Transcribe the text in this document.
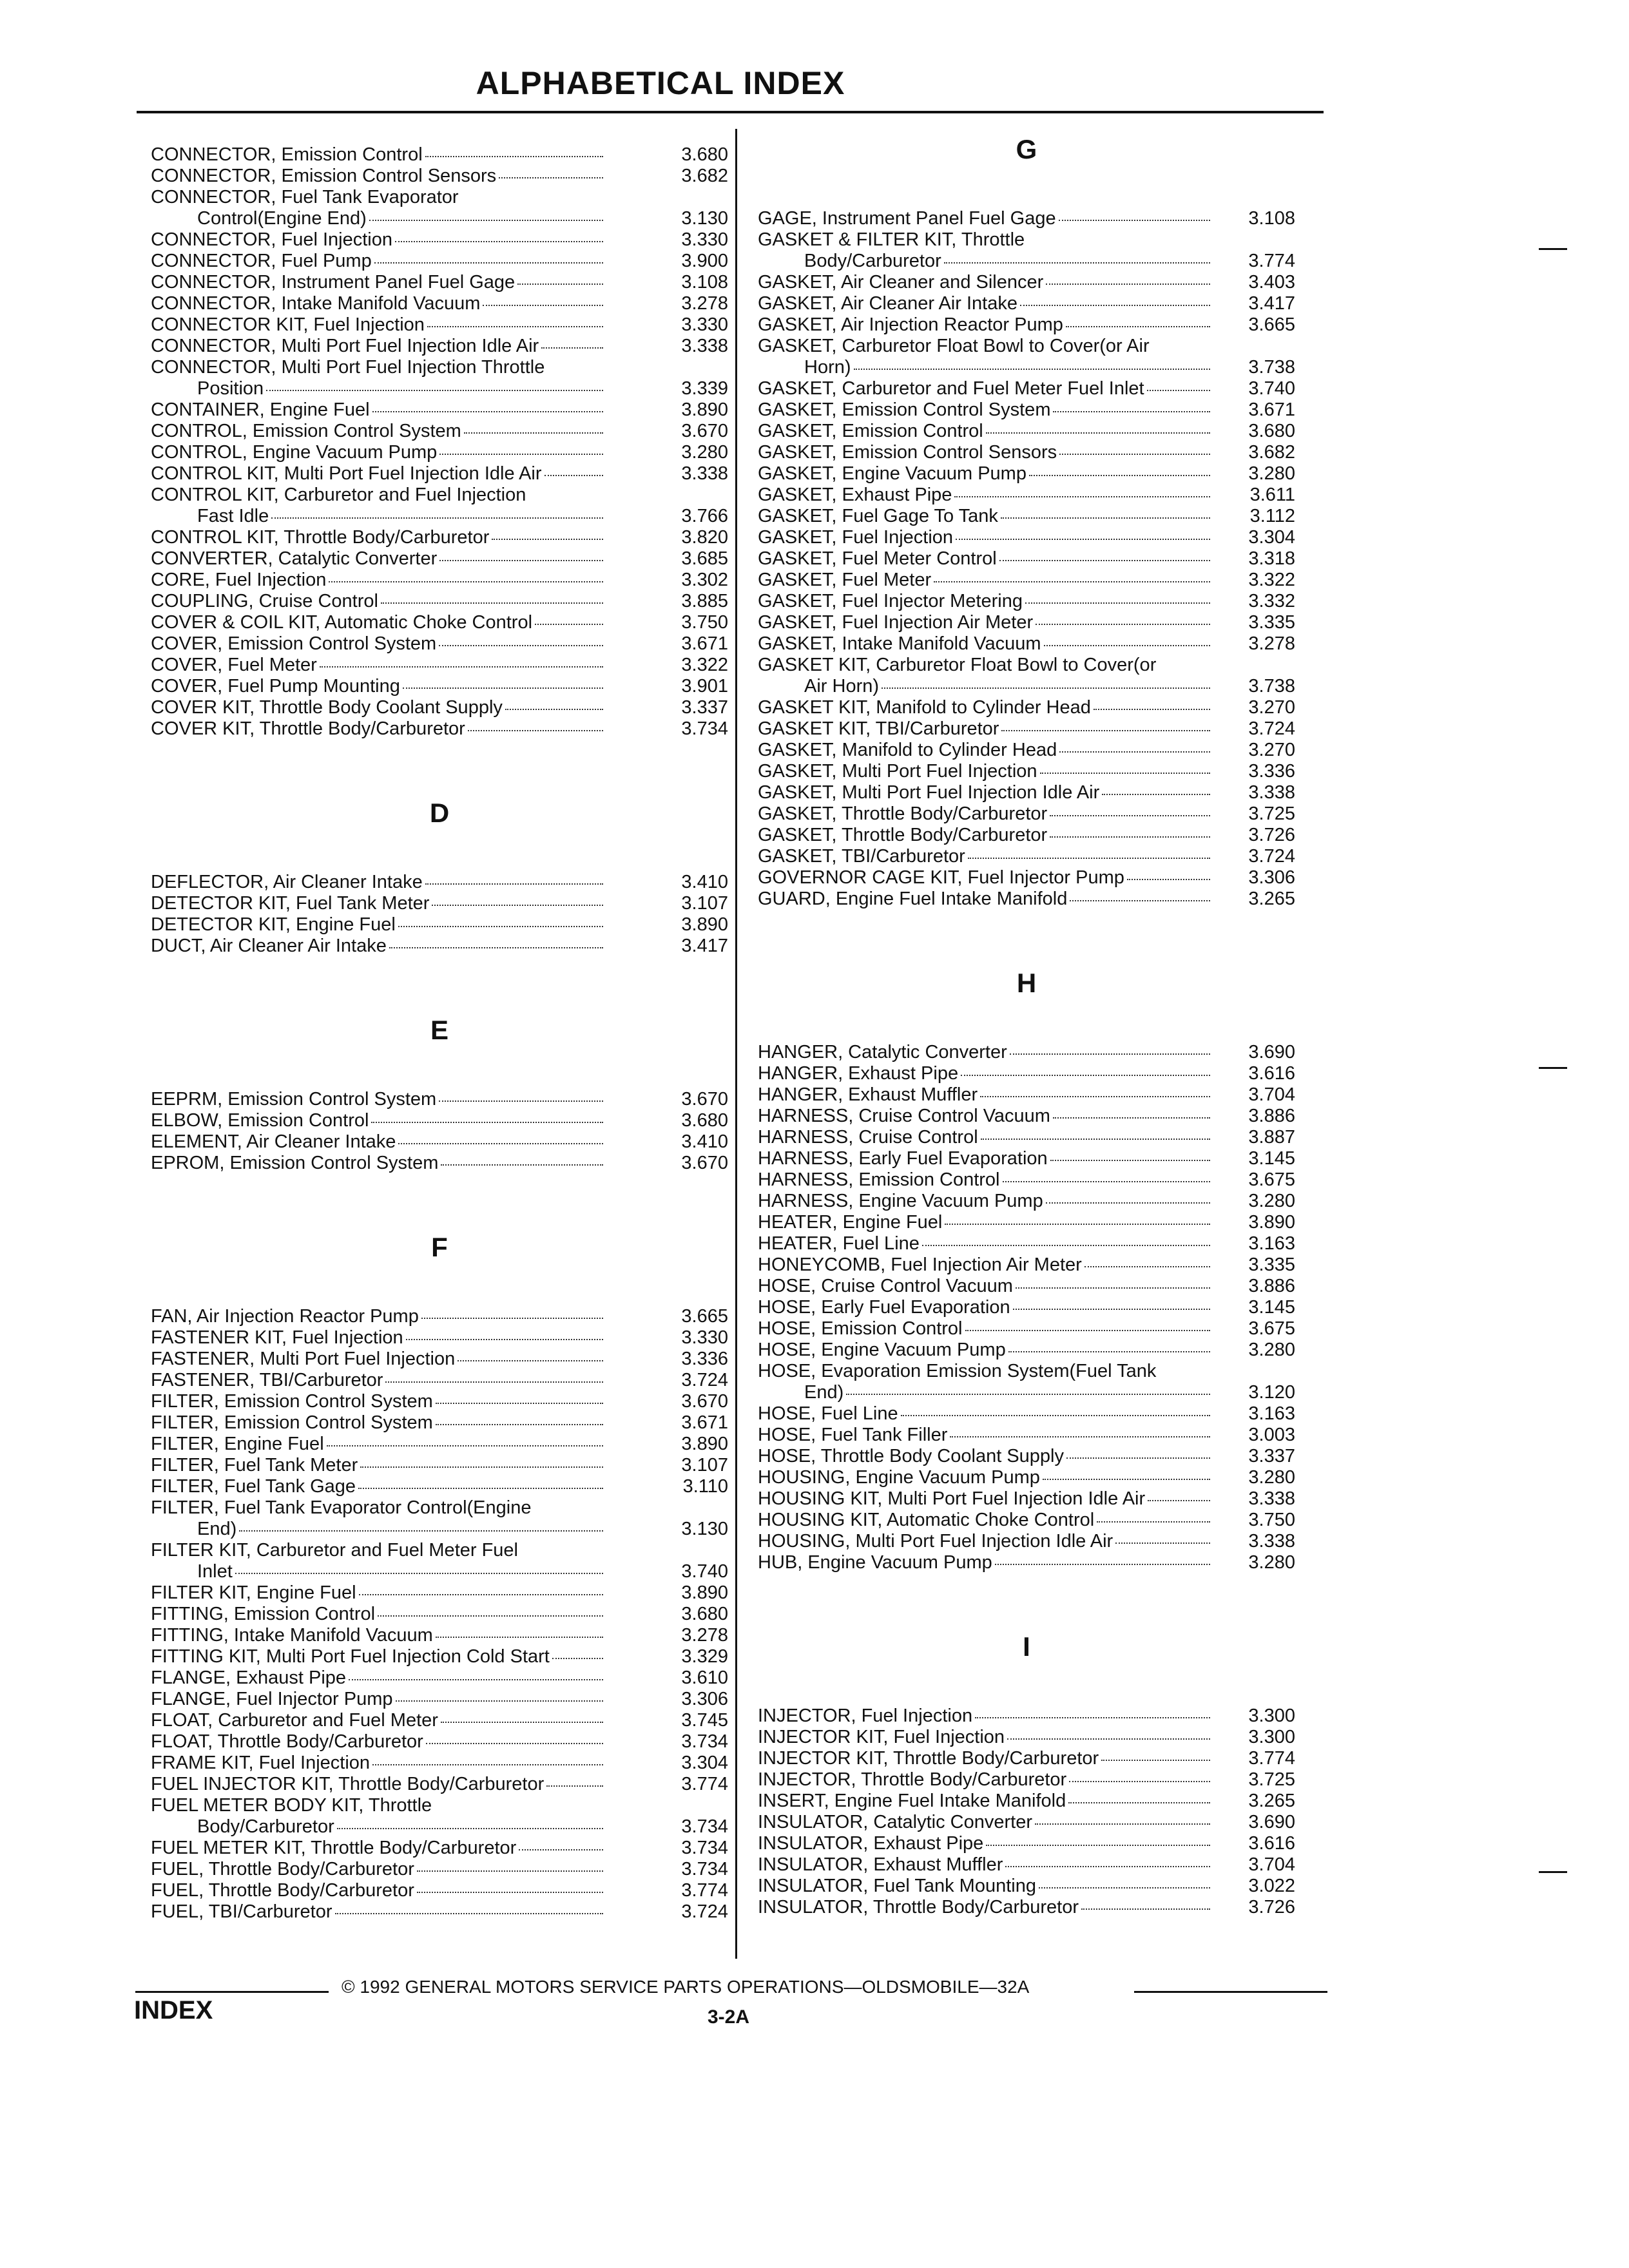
ALPHABETICAL INDEX
CONNECTOR, Emission Control	3.680
CONNECTOR, Emission Control Sensors	3.682
CONNECTOR, Fuel Tank Evaporator
Control(Engine End)	3.130
CONNECTOR, Fuel Injection	3.330
CONNECTOR, Fuel Pump	3.900
CONNECTOR, Instrument Panel Fuel Gage	3.108
CONNECTOR, Intake Manifold Vacuum	3.278
CONNECTOR KIT, Fuel Injection	3.330
CONNECTOR, Multi Port Fuel Injection Idle Air	3.338
CONNECTOR, Multi Port Fuel Injection Throttle
Position	3.339
CONTAINER, Engine Fuel	3.890
CONTROL, Emission Control System	3.670
CONTROL, Engine Vacuum Pump	3.280
CONTROL KIT, Multi Port Fuel Injection Idle Air	3.338
CONTROL KIT, Carburetor and Fuel Injection
Fast Idle	3.766
CONTROL KIT, Throttle Body/Carburetor	3.820
CONVERTER, Catalytic Converter	3.685
CORE, Fuel Injection	3.302
COUPLING, Cruise Control	3.885
COVER & COIL KIT, Automatic Choke Control	3.750
COVER, Emission Control System	3.671
COVER, Fuel Meter	3.322
COVER, Fuel Pump Mounting	3.901
COVER KIT, Throttle Body Coolant Supply	3.337
COVER KIT, Throttle Body/Carburetor	3.734
D
DEFLECTOR, Air Cleaner Intake	3.410
DETECTOR KIT, Fuel Tank Meter	3.107
DETECTOR KIT, Engine Fuel	3.890
DUCT, Air Cleaner Air Intake	3.417
E
EEPRM, Emission Control System	3.670
ELBOW, Emission Control	3.680
ELEMENT, Air Cleaner Intake	3.410
EPROM, Emission Control System	3.670
F
FAN, Air Injection Reactor Pump	3.665
FASTENER KIT, Fuel Injection	3.330
FASTENER, Multi Port Fuel Injection	3.336
FASTENER, TBI/Carburetor	3.724
FILTER, Emission Control System	3.670
FILTER, Emission Control System	3.671
FILTER, Engine Fuel	3.890
FILTER, Fuel Tank Meter	3.107
FILTER, Fuel Tank Gage	3.110
FILTER, Fuel Tank Evaporator Control(Engine
End)	3.130
FILTER KIT, Carburetor and Fuel Meter Fuel
Inlet	3.740
FILTER KIT, Engine Fuel	3.890
FITTING, Emission Control	3.680
FITTING, Intake Manifold Vacuum	3.278
FITTING KIT, Multi Port Fuel Injection Cold Start	3.329
FLANGE, Exhaust Pipe	3.610
FLANGE, Fuel Injector Pump	3.306
FLOAT, Carburetor and Fuel Meter	3.745
FLOAT, Throttle Body/Carburetor	3.734
FRAME KIT, Fuel Injection	3.304
FUEL INJECTOR KIT, Throttle Body/Carburetor	3.774
FUEL METER BODY KIT, Throttle
Body/Carburetor	3.734
FUEL METER KIT, Throttle Body/Carburetor	3.734
FUEL, Throttle Body/Carburetor	3.734
FUEL, Throttle Body/Carburetor	3.774
FUEL, TBI/Carburetor	3.724
G
GAGE, Instrument Panel Fuel Gage	3.108
GASKET & FILTER KIT, Throttle
Body/Carburetor	3.774
GASKET, Air Cleaner and Silencer	3.403
GASKET, Air Cleaner Air Intake	3.417
GASKET, Air Injection Reactor Pump	3.665
GASKET, Carburetor Float Bowl to Cover(or Air
Horn)	3.738
GASKET, Carburetor and Fuel Meter Fuel Inlet	3.740
GASKET, Emission Control System	3.671
GASKET, Emission Control	3.680
GASKET, Emission Control Sensors	3.682
GASKET, Engine Vacuum Pump	3.280
GASKET, Exhaust Pipe	3.611
GASKET, Fuel Gage To Tank	3.112
GASKET, Fuel Injection	3.304
GASKET, Fuel Meter Control	3.318
GASKET, Fuel Meter	3.322
GASKET, Fuel Injector Metering	3.332
GASKET, Fuel Injection Air Meter	3.335
GASKET, Intake Manifold Vacuum	3.278
GASKET KIT, Carburetor Float Bowl to Cover(or
Air Horn)	3.738
GASKET KIT, Manifold to Cylinder Head	3.270
GASKET KIT, TBI/Carburetor	3.724
GASKET, Manifold to Cylinder Head	3.270
GASKET, Multi Port Fuel Injection	3.336
GASKET, Multi Port Fuel Injection Idle Air	3.338
GASKET, Throttle Body/Carburetor	3.725
GASKET, Throttle Body/Carburetor	3.726
GASKET, TBI/Carburetor	3.724
GOVERNOR CAGE KIT, Fuel Injector Pump	3.306
GUARD, Engine Fuel Intake Manifold	3.265
H
HANGER, Catalytic Converter	3.690
HANGER, Exhaust Pipe	3.616
HANGER, Exhaust Muffler	3.704
HARNESS, Cruise Control Vacuum	3.886
HARNESS, Cruise Control	3.887
HARNESS, Early Fuel Evaporation	3.145
HARNESS, Emission Control	3.675
HARNESS, Engine Vacuum Pump	3.280
HEATER, Engine Fuel	3.890
HEATER, Fuel Line	3.163
HONEYCOMB, Fuel Injection Air Meter	3.335
HOSE, Cruise Control Vacuum	3.886
HOSE, Early Fuel Evaporation	3.145
HOSE, Emission Control	3.675
HOSE, Engine Vacuum Pump	3.280
HOSE, Evaporation Emission System(Fuel Tank
End)	3.120
HOSE, Fuel Line	3.163
HOSE, Fuel Tank Filler	3.003
HOSE, Throttle Body Coolant Supply	3.337
HOUSING, Engine Vacuum Pump	3.280
HOUSING KIT, Multi Port Fuel Injection Idle Air	3.338
HOUSING KIT, Automatic Choke Control	3.750
HOUSING, Multi Port Fuel Injection Idle Air	3.338
HUB, Engine Vacuum Pump	3.280
I
INJECTOR, Fuel Injection	3.300
INJECTOR KIT, Fuel Injection	3.300
INJECTOR KIT, Throttle Body/Carburetor	3.774
INJECTOR, Throttle Body/Carburetor	3.725
INSERT, Engine Fuel Intake Manifold	3.265
INSULATOR, Catalytic Converter	3.690
INSULATOR, Exhaust Pipe	3.616
INSULATOR, Exhaust Muffler	3.704
INSULATOR, Fuel Tank Mounting	3.022
INSULATOR, Throttle Body/Carburetor	3.726
© 1992 GENERAL MOTORS SERVICE PARTS OPERATIONS—OLDSMOBILE—32A
INDEX	3-2A
